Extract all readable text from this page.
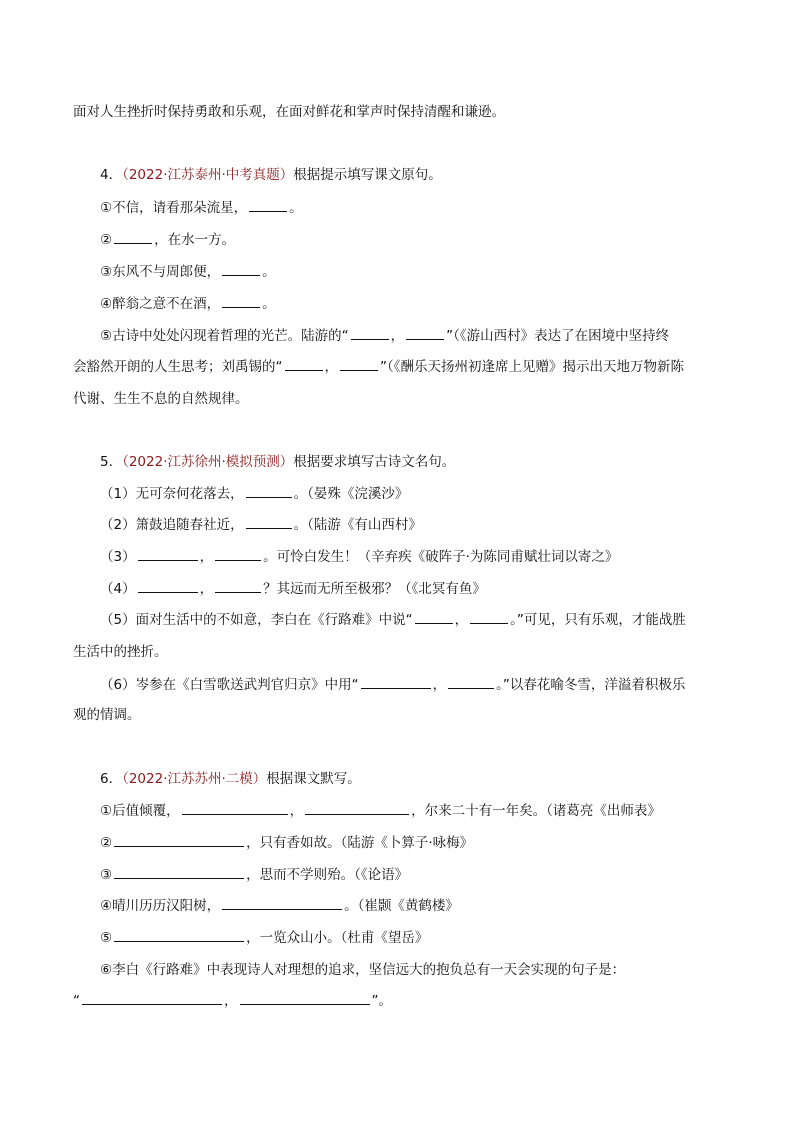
面对人生挫折时保持勇敢和乐观，在面对鲜花和掌声时保持清醒和谦逊。
4．（2022·江苏泰州·中考真题）根据提示填写课文原句。
①不信，请看那朵流星，	。
②	，在水一方。
③东风不与周郎便，	。
④醉翁之意不在酒，	。
⑤古诗中处处闪现着哲理的光芒。陆游的“	，	”（《游山西村》表达了在困境中坚持终
会豁然开朗的人生思考；刘禹锡的“	，	”（《酬乐天扬州初逢席上见赠》揭示出天地万物新陈
代谢、生生不息的自然规律。
5．（2022·江苏徐州·模拟预测）根据要求填写古诗文名句。
（1）无可奈何花落去，	。（晏殊《浣溪沙》
（2）箫鼓追随春社近，	。（陆游《有山西村》
（3）	，	。可怜白发生！（辛弃疾《破阵子·为陈同甫赋壮词以寄之》
（4）	，	？其远而无所至极邪？（《北冥有鱼》
（5）面对生活中的不如意，李白在《行路难》中说“	，	。”可见，只有乐观，才能战胜
生活中的挫折。
（6）岑参在《白雪歌送武判官归京》中用“	，	。”以春花喻冬雪，洋溢着积极乐
观的情调。
6．（2022·江苏苏州·二模）根据课文默写。
①后值倾覆，	，	，尔来二十有一年矣。（诸葛亮《出师表》
②	，只有香如故。（陆游《卜算子·咏梅》
③	，思而不学则殆。（《论语》
④晴川历历汉阳树，	。（崔颢《黄鹤楼》
⑤	，一览众山小。（杜甫《望岳》
⑥李白《行路难》中表现诗人对理想的追求，坚信远大的抱负总有一天会实现的句子是：
“	，	”。
